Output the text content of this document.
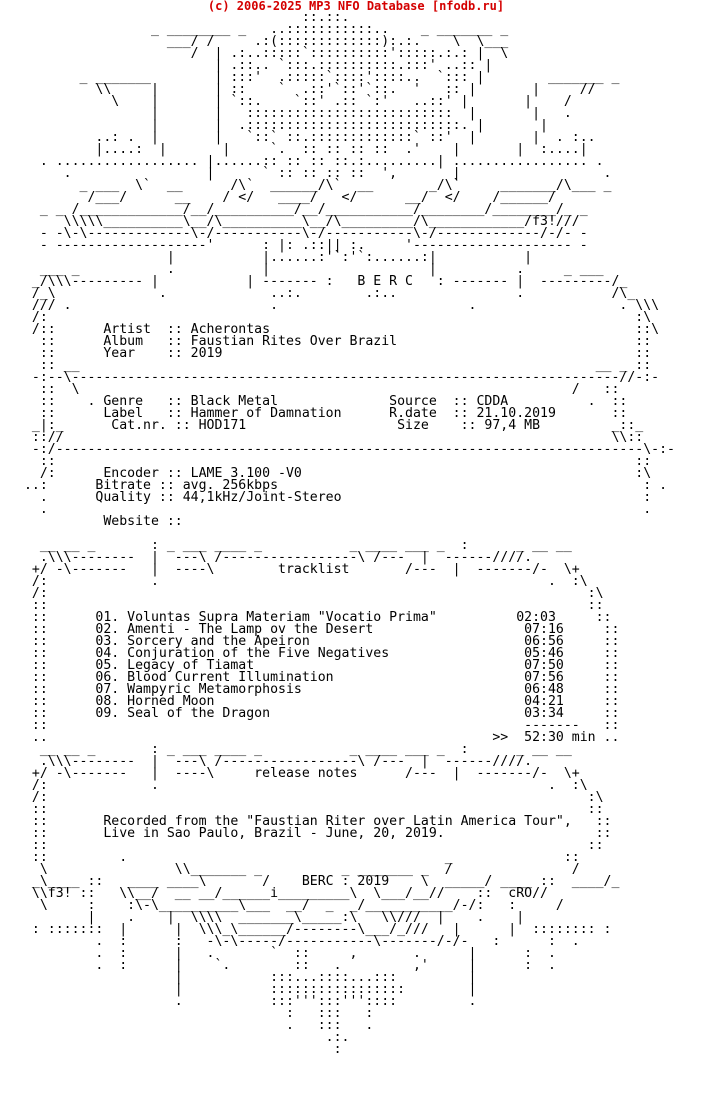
(c) 2006-2025 MP3 NFO Database [nfodb.ru]
::.::.
_ ________ _   ..:::::::::::..    _ _______ _
___/ /     .:(:::::::::::::):.:.    \  \___
/  | .:..:::::`::::::::::':::::.:.: |  \
| .::.. `:::.::::::::::.:::' ..:: |
_ _______        | :::'  .:::::`::::'::::..  `::: |        _______ _
\\     |       | ::    `  .::'`::'`::.  '   :: |       |     //
\    |       | `::.    `::' .:: `:'   ..::' |       |    /
|       |   ::::::::::::::::::::::::::  |       |   .
|       |  .:::::::::::::::::::::::::::. |       |
..: .  |       |   `::` ::.:::::::::::::` ::'  |       |  . :..
|....:  |       |     `.  :: :: :: ::  .'    |       |  :....|
. .................. |......:: :: :: ::.:.........| ................. .
.                 |      ` :: :: :: ::  ',       |                  .
_ ___  \`  __      /\`  ______/\`  __       _/\`     _______/\___ _
/___/      __    / </   ____/   </      __/  </    /______/
_ _ /_____________/__/__________/__/___________/________/________/_ _
\\\\\__________\__/\__________\__/\_________/\____________/f3!///
- -\-\-------------\-/-----------\-/-----------\-/-------------/-/- -
- -------------------'      : |: .::|| :.     '-------------------- -
|           |......:'`:'`:......:|           |
___ _           .           |                    |          .     _ ___
_/\\\--------- |           | ------- :   B E R C   : ------- |  ---------/_
/_\             .             ..:.        .:..               .           /\_
/// .                         .                        .                  . \\\
/:                                                                          :\
/::      Artist  :: Acherontas                                              ::\
::      Album   :: Faustian Rites Over Brazil                              ::
::      Year    :: 2019                                                    ::
:: __                                                                 __ _ ::
-:--\---------------------------------------------------------------------//-:-
::  \                                                              /   ::
::    . Genre   :: Black Metal              Source  :: CDDA          .  ::
::      Label   :: Hammer of Damnation      R.date  :: 21.10.2019       ::
_|:_      Cat.nr. :: HOD171                   Size    :: 97,4 MB         _::_
:://                                                                     \\::
-:/--------------------------------------------------------------------------\-:-
::                                                                         ::
/:      Encoder :: LAME 3.100 -V0                                          :\
..:      Bitrate :: avg. 256kbps                                              : .
.      Quality :: 44,1kHz/Joint-Stereo                                      :
.                                                                           .
Website ::

__ __ _       : _ ___ ____ _           _ ____ ___ _  :      _ __ __
.\\\--------  |  ---\ /-----------------\ /---  |  ------////.
+/ -\-------   |  ----\        tracklist       /---  |  -------/-  \+
/:             .                                                 .  :\
/:                                                                    :\
::                                                                    ::
::      01. Voluntas Supra Materiam "Vocatio Prima"          02:03     ::
::      02. Amenti - The Lamp ov the Desert                   07:16     ::
::      03. Sorcery and the Apeiron                           06:56     ::
::      04. Conjuration of the Five Negatives                 05:46     ::
::      05. Legacy of Tiamat                                  07:50     ::
::      06. Blood Current Illumination                        07:56     ::
::      07. Wampyric Metamorphosis                            06:48     ::
::      08. Horned Moon                                       04:21     ::
::      09. Seal of the Dragon                                03:34     ::
::                                                            -------   ::
..                                                        >>  52:30 min ..
__ __ _       : _ ___ ____ _           _ ____ ___ _  :      _ __ __
.\\\--------  |  ---\ /-----------------\ /---  |  ------////.
+/ -\-------   |  ----\     release notes      /---  |  -------/-  \+
/:             .                                                 .  :\
/:                                                                    :\
::                                                                    ::
::       Recorded from the "Faustian Riter over Latin America Tour",   ::
::       Live in Sao Paulo, Brazil - June, 20, 2019.                   ::
::                                                                    ::
::         .                                        _              ::
\                \\_______ _          _ _______ _  /               /
_\____ ::   ____ ____\       /    BERC : 2019    \  _____/ ____ ::  ____/_
\\f3! ::   \\__/  __ __/______i_________\  \___/__//    ::  cRO//
\     :    :\-\__________\___  __/  _  _/___________/-/:   :     /
|    .    |  \\\\  _______\_____:\   \\///  |    .    |
: :::::::  |      |  \\\_\______/--------\___/_///   |      |  :::::::: :
.  :      :   -\-\-----/-----------\-------/-/-   :      :  .
.  :      |   .       `  ::     ,       .      |      :  .
.  :      |    `.        ::   .         ,'     |      :  .
|           :::...::::...:::         |
|           :::::::::::::::::        |
.           :::''':::'''::::         .
:   :::   :
.   :::   .
.:.
:
